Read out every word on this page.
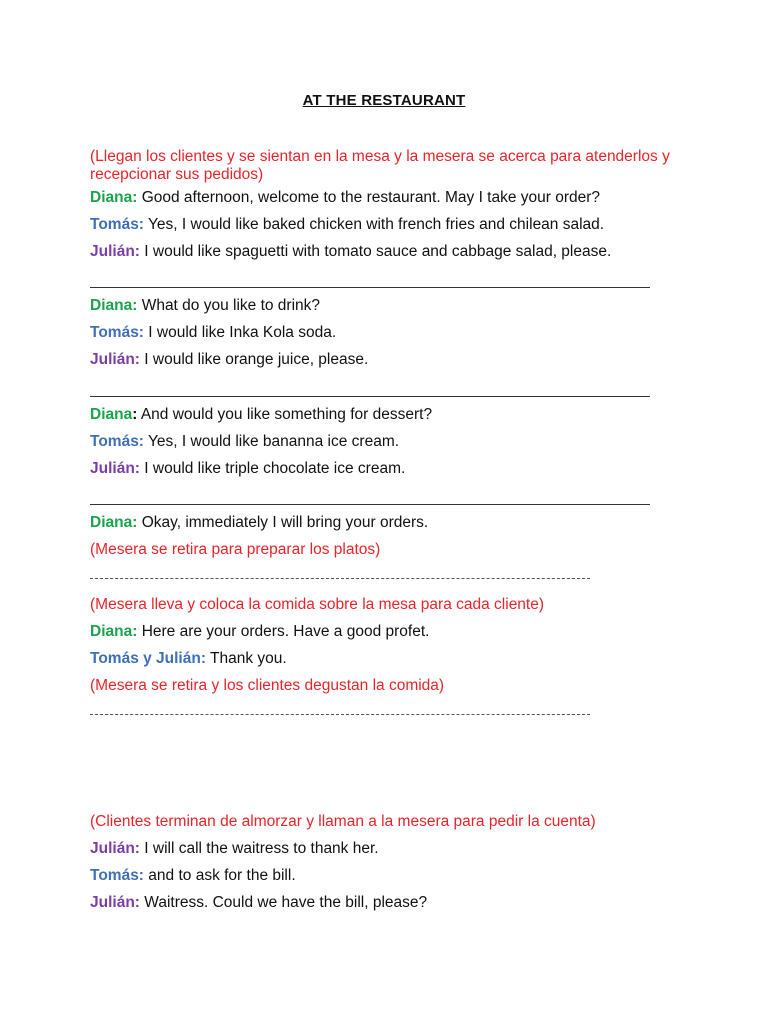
AT THE RESTAURANT
(Llegan los clientes y se sientan en la mesa y la mesera se acerca para atenderlos y recepcionar sus pedidos)
Diana: Good afternoon, welcome to the restaurant. May I take your order?
Tomás: Yes, I would like baked chicken with french fries and chilean salad.
Julián: I would like spaguetti with tomato sauce and cabbage salad, please.
Diana: What do you like to drink?
Tomás: I would like Inka Kola soda.
Julián: I would like orange juice, please.
Diana: And would you like something for dessert?
Tomás: Yes, I would like bananna ice cream.
Julián: I would like triple chocolate ice cream.
Diana: Okay, immediately I will bring your orders.
(Mesera se retira para preparar los platos)
(Mesera lleva y coloca la comida sobre la mesa para cada cliente)
Diana: Here are your orders. Have a good profet.
Tomás y Julián: Thank you.
(Mesera se retira y los clientes degustan la comida)
(Clientes terminan de almorzar y llaman a la mesera para pedir la cuenta)
Julián: I will call the waitress to thank her.
Tomás: and to ask for the bill.
Julián: Waitress. Could we have the bill, please?
